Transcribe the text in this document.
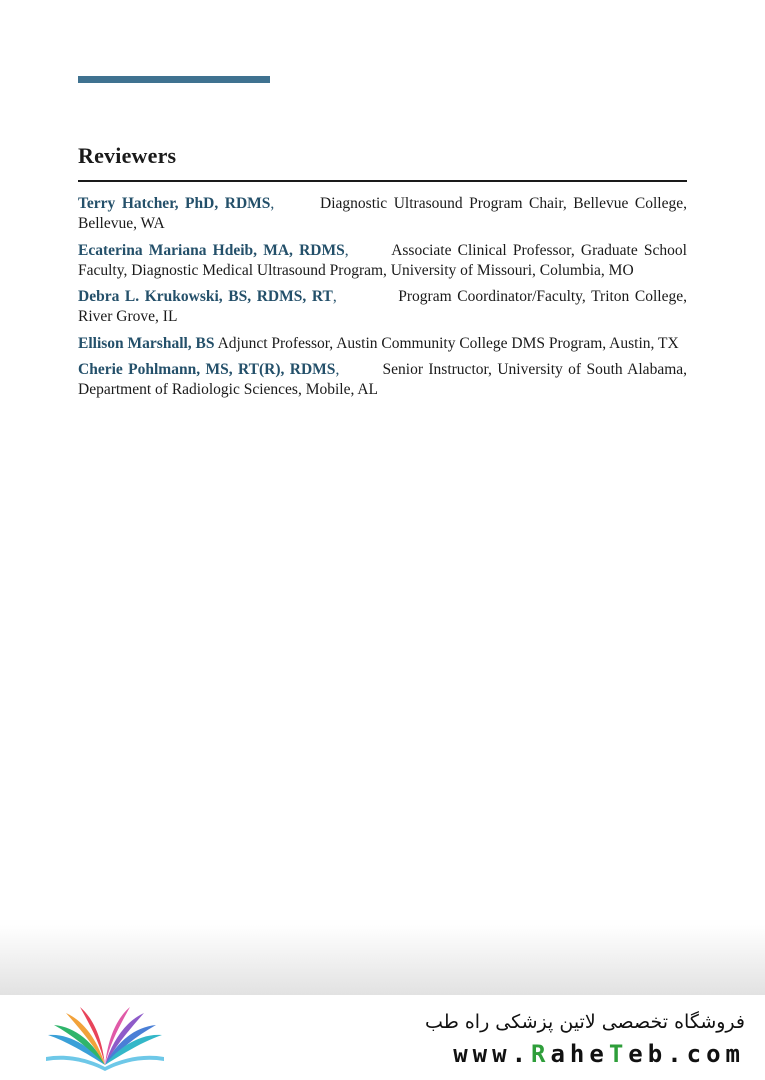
Reviewers
Terry Hatcher, PhD, RDMS,	Diagnostic Ultrasound Program Chair, Bellevue College, Bellevue, WA
Ecaterina Mariana Hdeib, MA, RDMS,	Associate Clinical Professor, Graduate School Faculty, Diagnostic Medical Ultrasound Program, University of Missouri, Columbia, MO
Debra L. Krukowski, BS, RDMS, RT,	Program Coordinator/Faculty, Triton College, River Grove, IL
Ellison Marshall, BS Adjunct Professor, Austin Community College DMS Program, Austin, TX
Cherie Pohlmann, MS, RT(R), RDMS,	Senior Instructor, University of South Alabama, Department of Radiologic Sciences, Mobile, AL
فروشگاه تخصصی لاتین پزشکی راه طب
www.RaheTeb.com
